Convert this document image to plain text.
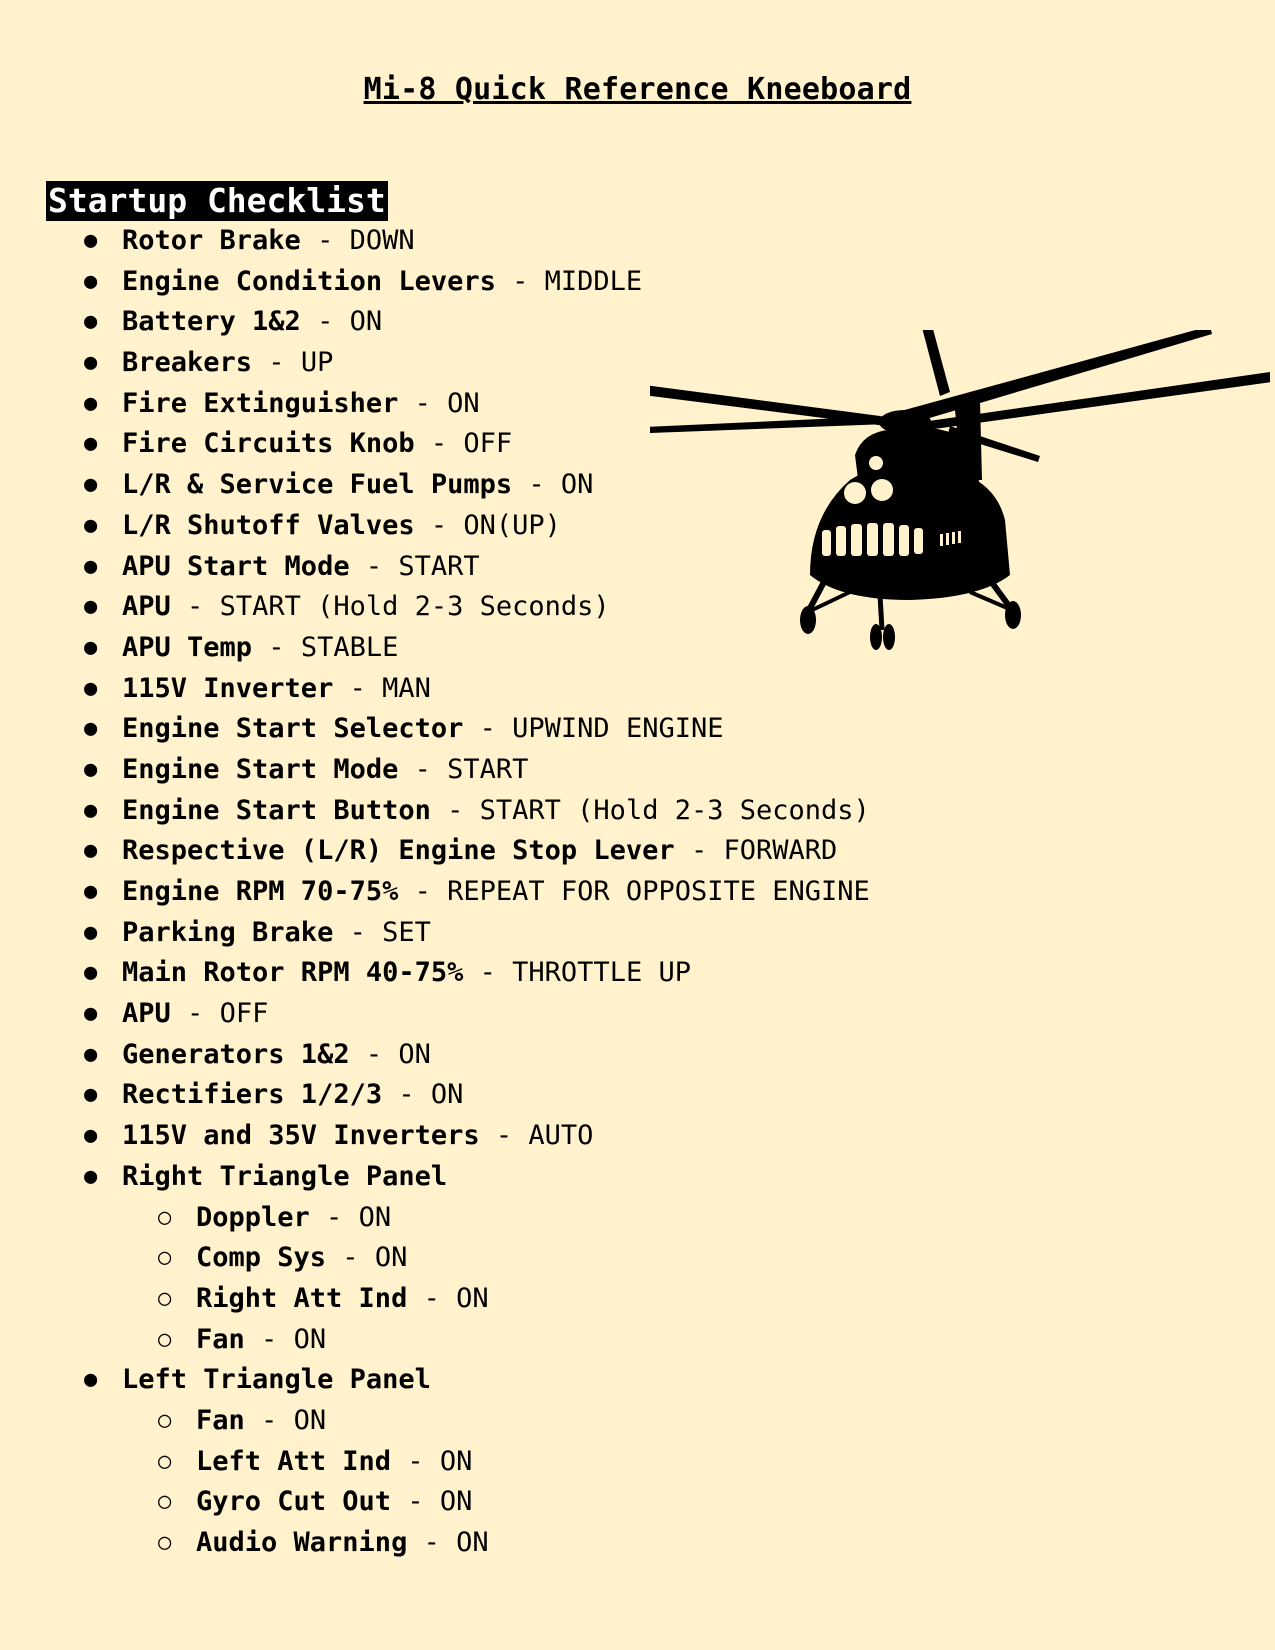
Mi-8 Quick Reference Kneeboard
Startup Checklist
● Rotor Brake - DOWN
● Engine Condition Levers - MIDDLE
● Battery 1&2 - ON
● Breakers - UP
● Fire Extinguisher - ON
● Fire Circuits Knob - OFF
● L/R & Service Fuel Pumps - ON
● L/R Shutoff Valves - ON(UP)
● APU Start Mode - START
● APU - START (Hold 2-3 Seconds)
● APU Temp - STABLE
● 115V Inverter - MAN
● Engine Start Selector - UPWIND ENGINE
● Engine Start Mode - START
● Engine Start Button - START (Hold 2-3 Seconds)
● Respective (L/R) Engine Stop Lever - FORWARD
● Engine RPM 70-75% - REPEAT FOR OPPOSITE ENGINE
● Parking Brake - SET
● Main Rotor RPM 40-75% - THROTTLE UP
● APU - OFF
● Generators 1&2 - ON
● Rectifiers 1/2/3 - ON
● 115V and 35V Inverters - AUTO
● Right Triangle Panel
○ Doppler - ON
○ Comp Sys - ON
○ Right Att Ind - ON
○ Fan - ON
● Left Triangle Panel
○ Fan - ON
○ Left Att Ind - ON
○ Gyro Cut Out - ON
○ Audio Warning - ON
